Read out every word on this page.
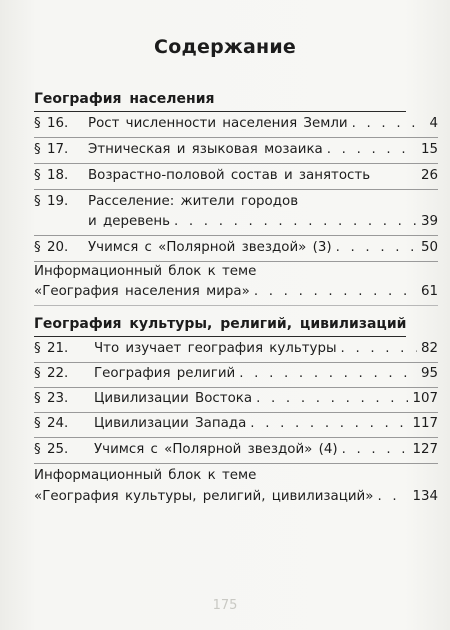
Содержание
География населения
§ 16.	Рост численности населения Земли . . .	4
§ 17.	Этническая и языковая мозаика . . .	15
§ 18.	Возрастно-половой состав и занятость	26
§ 19.	Расселение: жители городов
и деревень . . .	39
§ 20.	Учимся с «Полярной звездой» (3) . . .	50
Информационный блок к теме
«География населения мира» . . .	61
География культуры, религий, цивилизаций
§ 21.	Что изучает география культуры . . .	82
§ 22.	География религий . . .	95
§ 23.	Цивилизации Востока . . .	107
§ 24.	Цивилизации Запада . . .	117
§ 25.	Учимся с «Полярной звездой» (4) . . .	127
Информационный блок к теме
«География культуры, религий, цивилизаций» . . .	134
175
